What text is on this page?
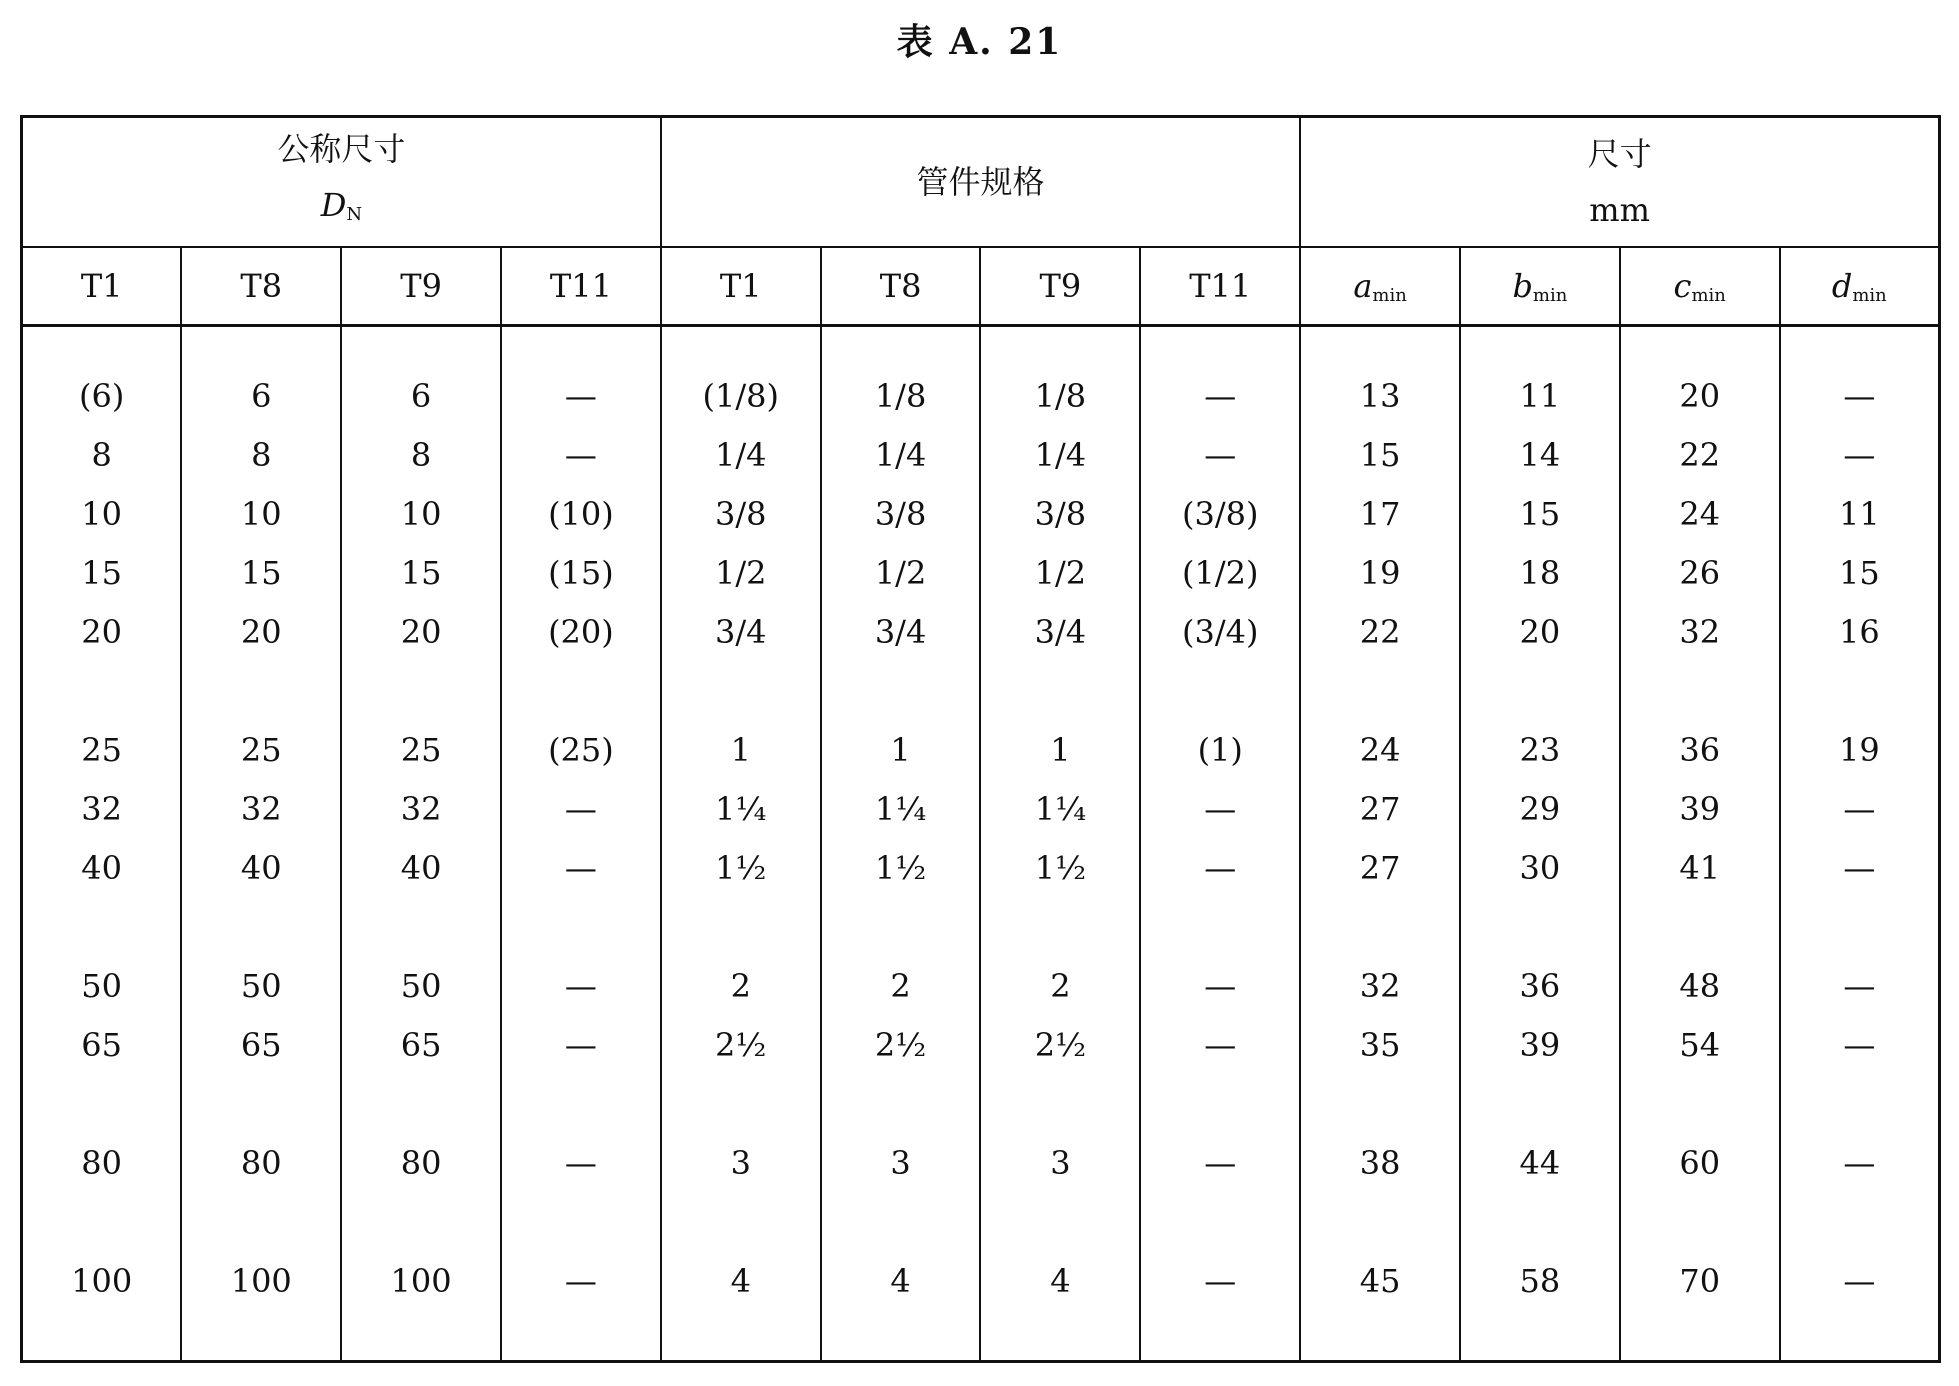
表 A. 21
公称尺寸
$D_N$				管件规格				尺寸
mm			

T1	T8	T9	T11	T1	T8	T9	T11	$a_{min}$	$b_{min}$	$c_{min}$	$d_{min}$

(6)	6	6	—	(1/8)	1/8	1/8	—	13	11	20	—
8	8	8	—	1/4	1/4	1/4	—	15	14	22	—
10	10	10	(10)	3/8	3/8	3/8	(3/8)	17	15	24	11
15	15	15	(15)	1/2	1/2	1/2	(1/2)	19	18	26	15
20	20	20	(20)	3/4	3/4	3/4	(3/4)	22	20	32	16

25	25	25	(25)	1	1	1	(1)	24	23	36	19
32	32	32	—	1¼	1¼	1¼	—	27	29	39	—
40	40	40	—	1½	1½	1½	—	27	30	41	—

50	50	50	—	2	2	2	—	32	36	48	—
65	65	65	—	2½	2½	2½	—	35	39	54	—

80	80	80	—	3	3	3	—	38	44	60	—

100	100	100	—	4	4	4	—	45	58	70	—
